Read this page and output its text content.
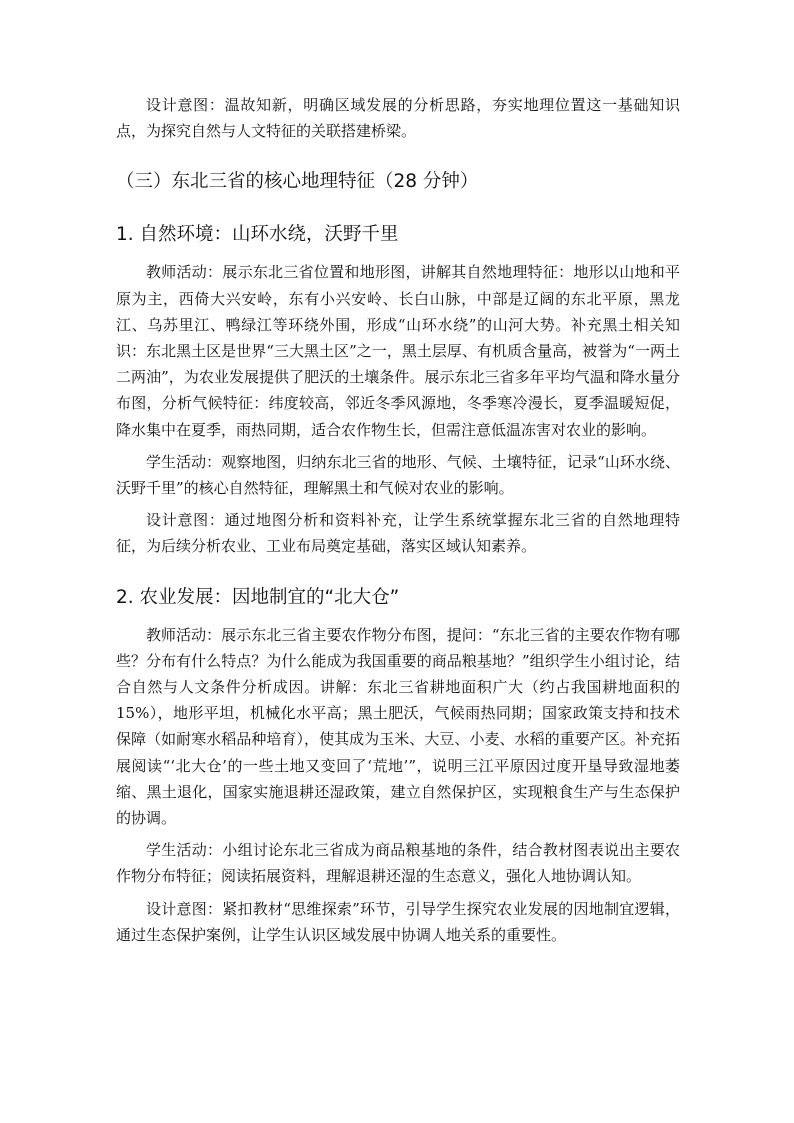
设计意图：温故知新，明确区域发展的分析思路，夯实地理位置这一基础知识点，为探究自然与人文特征的关联搭建桥梁。

（三）东北三省的核心地理特征（28 分钟）
1. 自然环境：山环水绕，沃野千里

教师活动：展示东北三省位置和地形图，讲解其自然地理特征：地形以山地和平原为主，西倚大兴安岭，东有小兴安岭、长白山脉，中部是辽阔的东北平原，黑龙江、乌苏里江、鸭绿江等环绕外围，形成“山环水绕”的山河大势。补充黑土相关知识：东北黑土区是世界“三大黑土区”之一，黑土层厚、有机质含量高，被誉为“一两土二两油”，为农业发展提供了肥沃的土壤条件。展示东北三省多年平均气温和降水量分布图，分析气候特征：纬度较高，邻近冬季风源地，冬季寒冷漫长，夏季温暖短促，降水集中在夏季，雨热同期，适合农作物生长，但需注意低温冻害对农业的影响。

学生活动：观察地图，归纳东北三省的地形、气候、土壤特征，记录“山环水绕、沃野千里”的核心自然特征，理解黑土和气候对农业的影响。

设计意图：通过地图分析和资料补充，让学生系统掌握东北三省的自然地理特征，为后续分析农业、工业布局奠定基础，落实区域认知素养。

2. 农业发展：因地制宜的“北大仓”

教师活动：展示东北三省主要农作物分布图，提问：“东北三省的主要农作物有哪些？分布有什么特点？为什么能成为我国重要的商品粮基地？”组织学生小组讨论，结合自然与人文条件分析成因。讲解：东北三省耕地面积广大（约占我国耕地面积的 15%），地形平坦，机械化水平高；黑土肥沃，气候雨热同期；国家政策支持和技术保障（如耐寒水稻品种培育），使其成为玉米、大豆、小麦、水稻的重要产区。补充拓展阅读“‘北大仓’的一些土地又变回了‘荒地’”，说明三江平原因过度开垦导致湿地萎缩、黑土退化，国家实施退耕还湿政策，建立自然保护区，实现粮食生产与生态保护的协调。

学生活动：小组讨论东北三省成为商品粮基地的条件，结合教材图表说出主要农作物分布特征；阅读拓展资料，理解退耕还湿的生态意义，强化人地协调认知。

设计意图：紧扣教材“思维探索”环节，引导学生探究农业发展的因地制宜逻辑，通过生态保护案例，让学生认识区域发展中协调人地关系的重要性。
